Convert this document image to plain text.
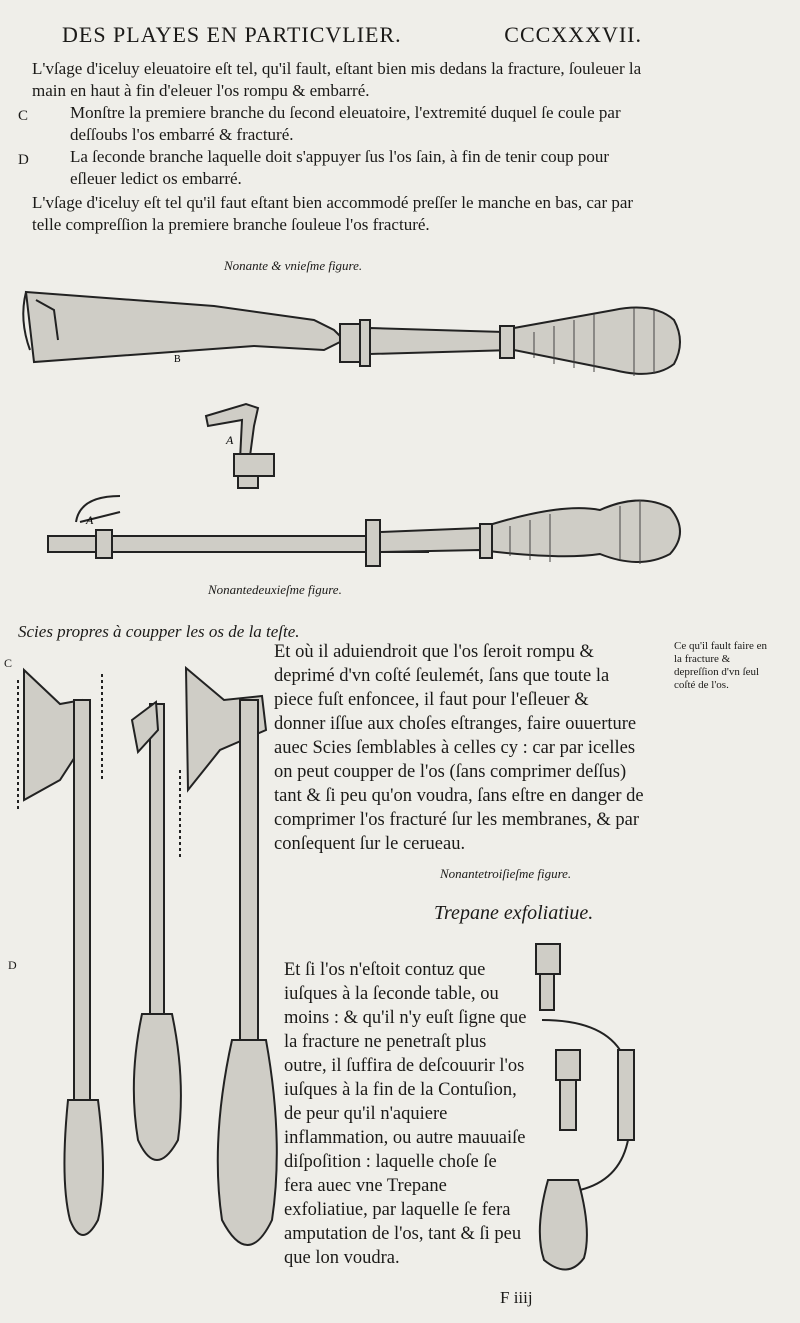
DES PLAYES EN PARTICVLIER.	CCCXXXVII.
L'vſage d'iceluy eleuatoire eſt tel, qu'il fault, eſtant bien mis dedans la fracture, ſouleuer la main en haut à fin d'eleuer l'os rompu & embarré.
C Monſtre la premiere branche du ſecond eleuatoire, l'extremité duquel ſe coule par deſſoubs l'os embarré & fracturé.
D La ſeconde branche laquelle doit s'appuyer ſus l'os ſain, à fin de tenir coup pour eſleuer ledict os embarré.
L'vſage d'iceluy eſt tel qu'il faut eſtant bien accommodé preſſer le manche en bas, car par telle compreſſion la premiere branche ſouleue l'os fracturé.
Nonante & vnieſme figure.
B
A
A
Nonantedeuxieſme figure.
Scies propres à coupper les os de la teſte.
C
D
Et où il aduiendroit que l'os ſeroit rompu & deprimé d'vn coſté ſeulemét, ſans que toute la piece fuſt enfoncee, il faut pour l'eſleuer & donner iſſue aux choſes eſtranges, faire ouuerture auec Scies ſemblables à celles cy : car par icelles on peut coupper de l'os (ſans comprimer deſſus) tant & ſi peu qu'on voudra, ſans eſtre en danger de comprimer l'os fracturé ſur les membranes, & par conſequent ſur le cerueau.
Ce qu'il fault faire en la fracture & depreſſion d'vn ſeul coſté de l'os.
Nonantetroiſieſme figure.
Trepane exfoliatiue.
Et ſi l'os n'eſtoit contuz que iuſques à la ſeconde table, ou moins : & qu'il n'y euſt ſigne que la fracture ne penetraſt plus outre, il ſuffira de deſcouurir l'os iuſques à la fin de la Contuſion, de peur qu'il n'aquiere inflammation, ou autre mauuaiſe diſpoſition : laquelle choſe ſe fera auec vne Trepane exfoliatiue, par laquelle ſe fera amputation de l'os, tant & ſi peu que lon voudra.
F iiij
